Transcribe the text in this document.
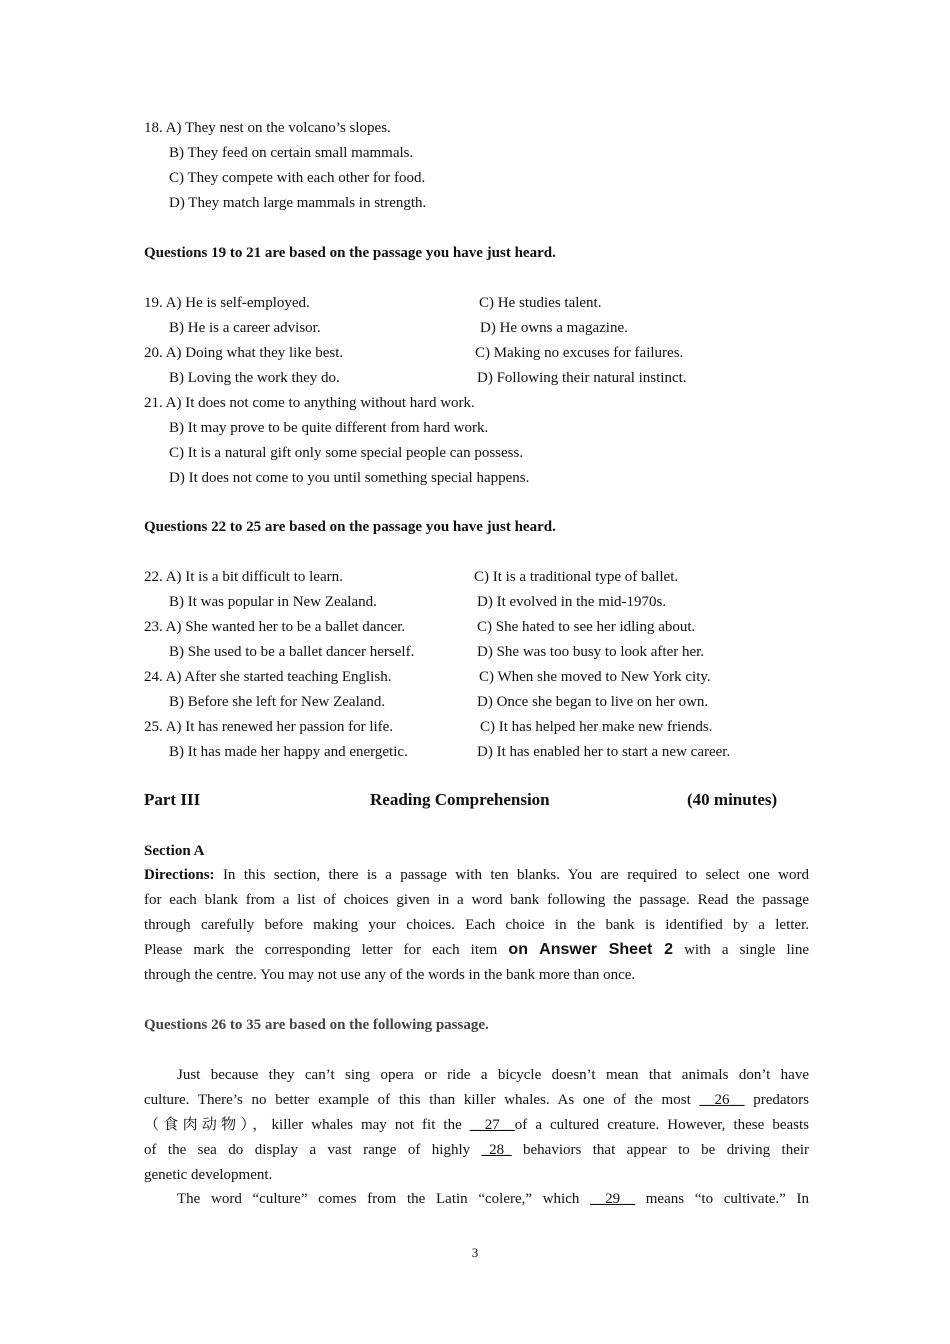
18. A) They nest on the volcano’s slopes.
B) They feed on certain small mammals.
C) They compete with each other for food.
D) They match large mammals in strength.
Questions 19 to 21 are based on the passage you have just heard.
19. A) He is self-employed.	C) He studies talent.
B) He is a career advisor.	D) He owns a magazine.
20. A) Doing what they like best.	C) Making no excuses for failures.
B) Loving the work they do.	D) Following their natural instinct.
21. A) It does not come to anything without hard work.
B) It may prove to be quite different from hard work.
C) It is a natural gift only some special people can possess.
D) It does not come to you until something special happens.
Questions 22 to 25 are based on the passage you have just heard.
22. A) It is a bit difficult to learn.	C) It is a traditional type of ballet.
B) It was popular in New Zealand.	D) It evolved in the mid-1970s.
23. A) She wanted her to be a ballet dancer.	C) She hated to see her idling about.
B) She used to be a ballet dancer herself.	D) She was too busy to look after her.
24. A) After she started teaching English.	C) When she moved to New York city.
B) Before she left for New Zealand.	D) Once she began to live on her own.
25. A) It has renewed her passion for life.	C) It has helped her make new friends.
B) It has made her happy and energetic.	D) It has enabled her to start a new career.
Part III	Reading Comprehension	(40 minutes)
Section A
Directions: In this section, there is a passage with ten blanks. You are required to select one word
for each blank from a list of choices given in a word bank following the passage. Read the passage
through carefully before making your choices. Each choice in the bank is identified by a letter.
Please mark the corresponding letter for each item on Answer Sheet 2 with a single line
through the centre. You may not use any of the words in the bank more than once.
Questions 26 to 35 are based on the following passage.
Just because they can’t sing opera or ride a bicycle doesn’t mean that animals don’t have
culture. There’s no better example of this than killer whales. As one of the most __26__ predators
（食肉动物），killer whales may not fit the __27__of a cultured creature. However, these beasts
of the sea do display a vast range of highly _28_ behaviors that appear to be driving their
genetic development.
The word “culture” comes from the Latin “colere,” which __29__ means “to cultivate.” In
3
